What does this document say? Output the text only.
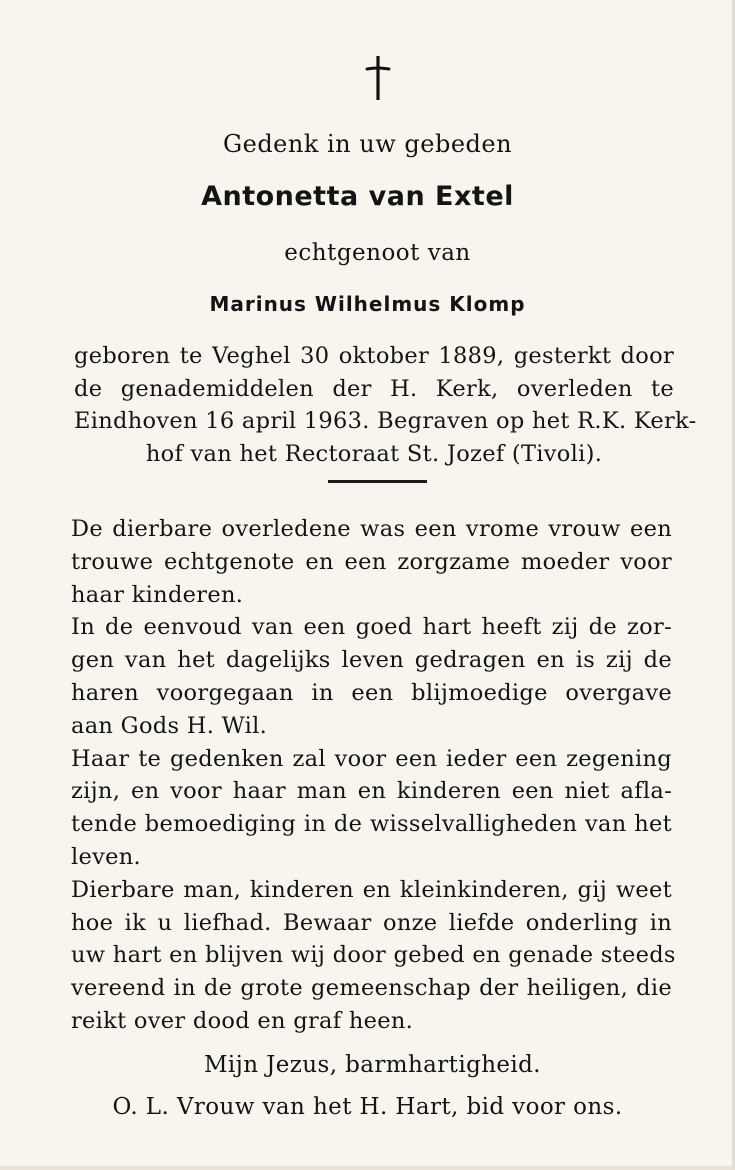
Gedenk in uw gebeden
Antonetta van Extel
echtgenoot van
Marinus Wilhelmus Klomp
geboren te Veghel 30 oktober 1889, gesterkt door
de genademiddelen der H. Kerk, overleden te
Eindhoven 16 april 1963. Begraven op het R.K. Kerk-
hof van het Rectoraat St. Jozef (Tivoli).
De dierbare overledene was een vrome vrouw een
trouwe echtgenote en een zorgzame moeder voor
haar kinderen.
In de eenvoud van een goed hart heeft zij de zor-
gen van het dagelijks leven gedragen en is zij de
haren voorgegaan in een blijmoedige overgave
aan Gods H. Wil.
Haar te gedenken zal voor een ieder een zegening
zijn, en voor haar man en kinderen een niet afla-
tende bemoediging in de wisselvalligheden van het
leven.
Dierbare man, kinderen en kleinkinderen, gij weet
hoe ik u liefhad. Bewaar onze liefde onderling in
uw hart en blijven wij door gebed en genade steeds
vereend in de grote gemeenschap der heiligen, die
reikt over dood en graf heen.
Mijn Jezus, barmhartigheid.
O. L. Vrouw van het H. Hart, bid voor ons.
